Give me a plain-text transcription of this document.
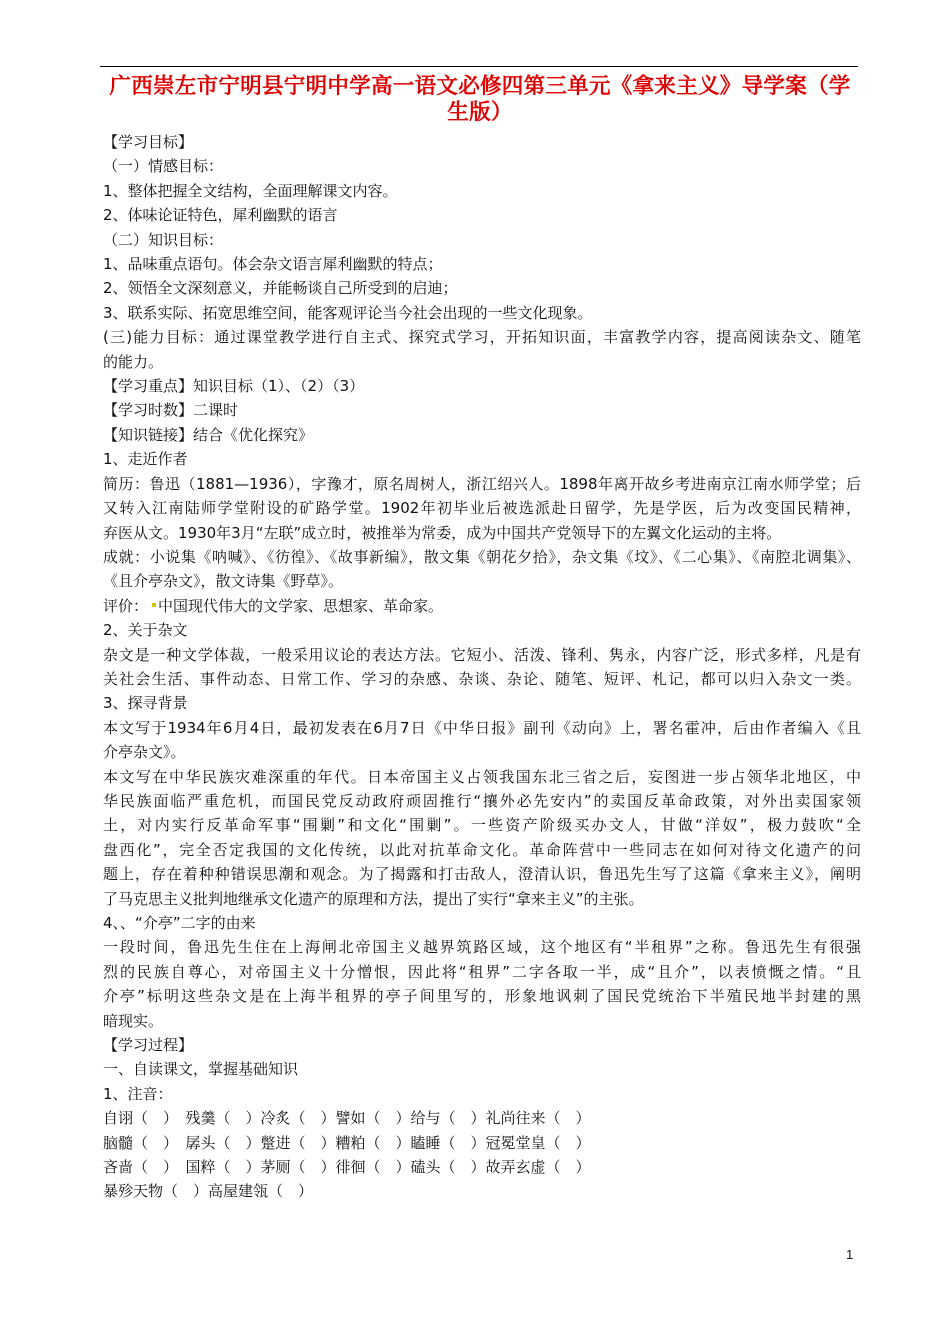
广西崇左市宁明县宁明中学高一语文必修四第三单元《拿来主义》导学案（学生版）

【学习目标】

（一）情感目标：

1、整体把握全文结构，全面理解课文内容。

2、体味论证特色，犀利幽默的语言

（二）知识目标：

1、品味重点语句。体会杂文语言犀利幽默的特点；

2、领悟全文深刻意义，并能畅谈自己所受到的启迪；

3、联系实际、拓宽思维空间，能客观评论当今社会出现的一些文化现象。

(三)能力目标：通过课堂教学进行自主式、探究式学习，开拓知识面，丰富教学内容，提高阅读杂文、随笔

的能力。

【学习重点】知识目标（1）、（2）（3）

【学习时数】二课时

【知识链接】结合《优化探究》

1、走近作者

简历：鲁迅（1881—1936），字豫才，原名周树人，浙江绍兴人。1898年离开故乡考进南京江南水师学堂；后

又转入江南陆师学堂附设的矿路学堂。1902年初毕业后被选派赴日留学，先是学医，后为改变国民精神，

弃医从文。1930年3月“左联”成立时，被推举为常委，成为中国共产党领导下的左翼文化运动的主将。

成就：小说集《呐喊》、《彷徨》、《故事新编》，散文集《朝花夕拾》，杂文集《坟》、《二心集》、《南腔北调集》、

《且介亭杂文》，散文诗集《野草》。

评价： 中国现代伟大的文学家、思想家、革命家。

2、关于杂文

杂文是一种文学体裁，一般采用议论的表达方法。它短小、活泼、锋利、隽永，内容广泛，形式多样，凡是有

关社会生活、事件动态、日常工作、学习的杂感、杂谈、杂论、随笔、短评、札记，都可以归入杂文一类。

3、探寻背景

本文写于1934年6月4日，最初发表在6月7日《中华日报》副刊《动向》上，署名霍冲，后由作者编入《且

介亭杂文》。

本文写在中华民族灾难深重的年代。日本帝国主义占领我国东北三省之后，妄图进一步占领华北地区，中

华民族面临严重危机，而国民党反动政府顽固推行“攘外必先安内”的卖国反革命政策，对外出卖国家领

土，对内实行反革命军事“围剿”和文化“围剿”。一些资产阶级买办文人，甘做“洋奴”，极力鼓吹“全

盘西化”，完全否定我国的文化传统，以此对抗革命文化。革命阵营中一些同志在如何对待文化遗产的问

题上，存在着种种错误思潮和观念。为了揭露和打击敌人，澄清认识，鲁迅先生写了这篇《拿来主义》，阐明

了马克思主义批判地继承文化遗产的原理和方法，提出了实行“拿来主义”的主张。

4、、“介亭”二字的由来

一段时间，鲁迅先生住在上海闸北帝国主义越界筑路区域，这个地区有“半租界”之称。鲁迅先生有很强

烈的民族自尊心，对帝国主义十分憎恨，因此将“租界”二字各取一半，成“且介”，以表愤慨之情。“且

介亭”标明这些杂文是在上海半租界的亭子间里写的，形象地讽刺了国民党统治下半殖民地半封建的黑

暗现实。

【学习过程】

一、自读课文，掌握基础知识

1、注音：

自诩（　）　残羹（　）冷炙（　）譬如（　）给与（　）礼尚往来（　）

脑髓（　）　孱头（　）蹩进（　）糟粕（　）瞌睡（　）冠冕堂皇（　）

吝啬（　）　国粹（　）茅厕（　）徘徊（　）磕头（　）故弄玄虚（　）

暴殄天物（　）高屋建瓴（　）

1
